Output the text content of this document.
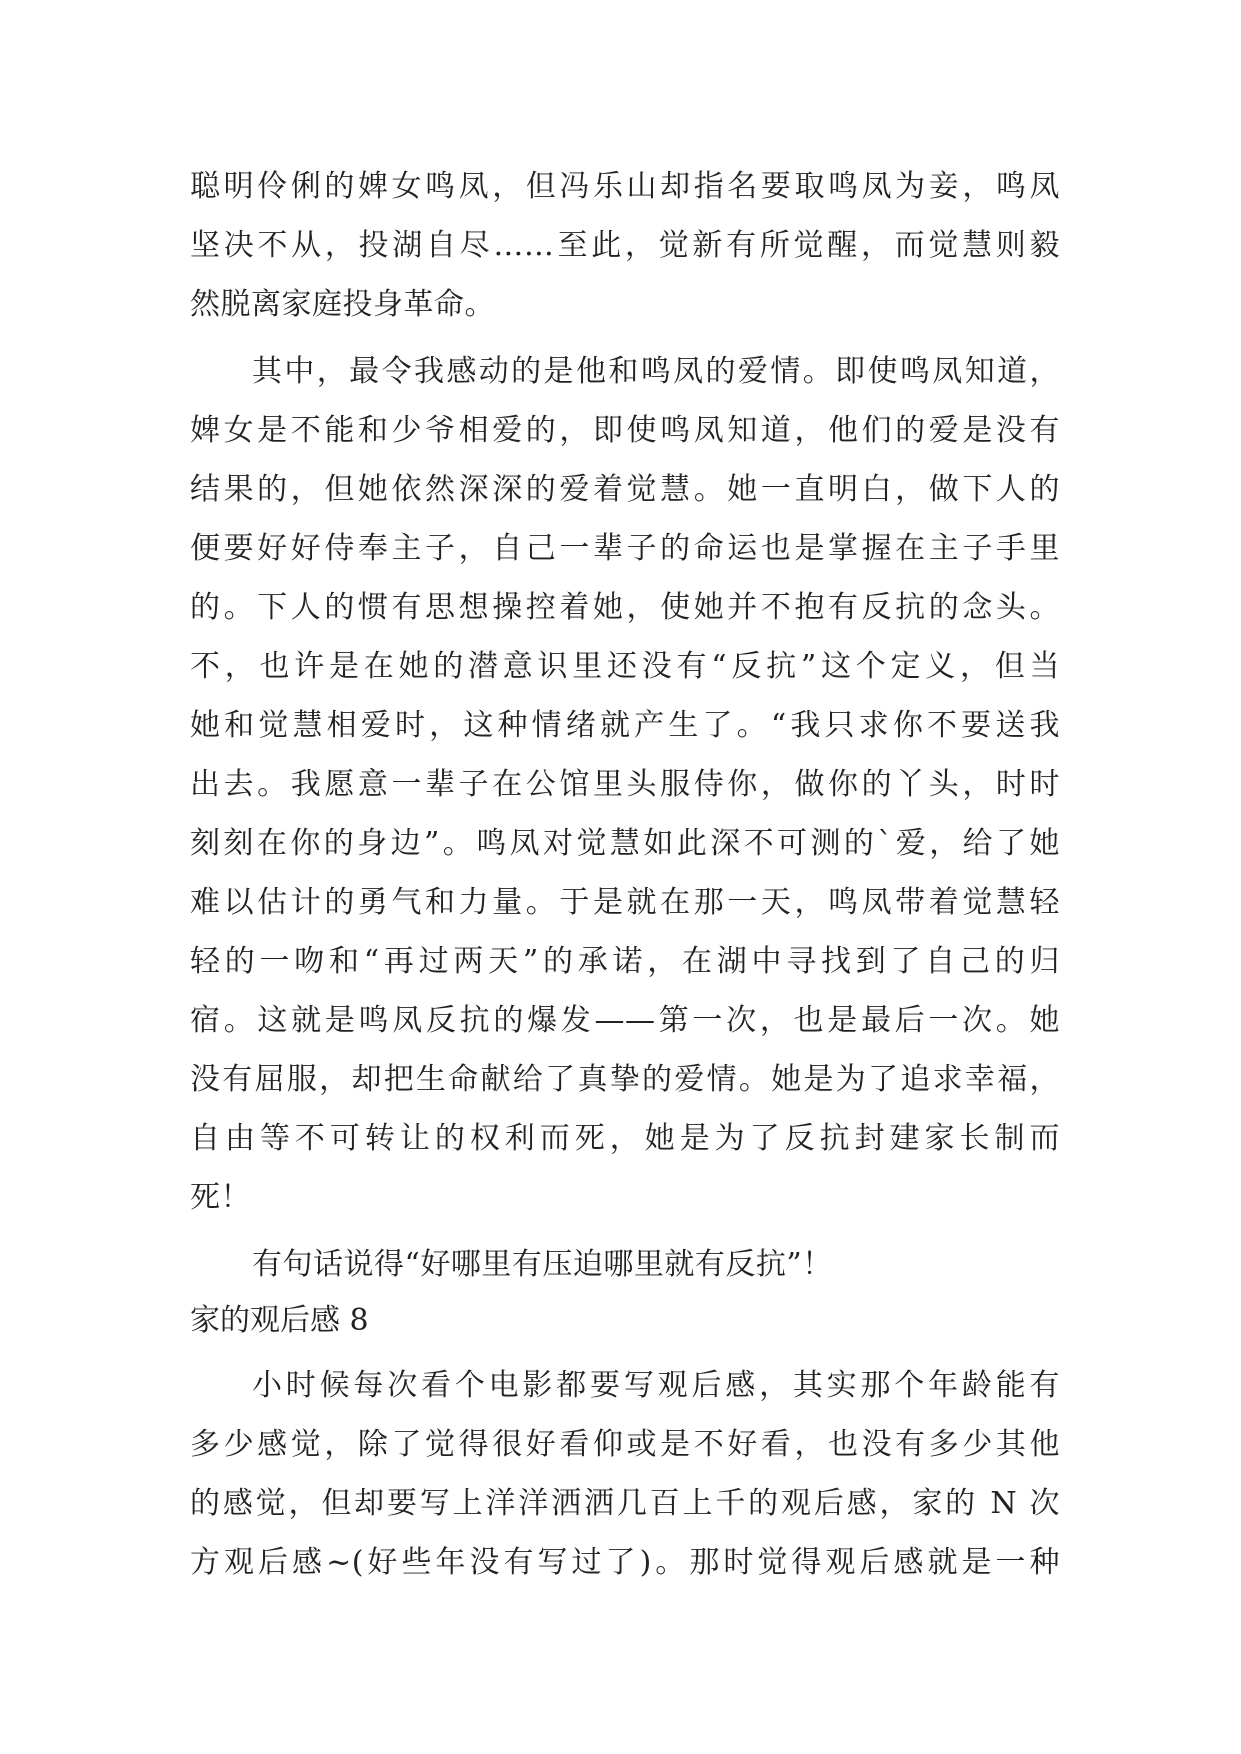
聪明伶俐的婢女鸣凤，但冯乐山却指名要取鸣凤为妾，鸣凤
坚决不从，投湖自尽……至此，觉新有所觉醒，而觉慧则毅
然脱离家庭投身革命。
其中，最令我感动的是他和鸣凤的爱情。即使鸣凤知道，
婢女是不能和少爷相爱的，即使鸣凤知道，他们的爱是没有
结果的，但她依然深深的爱着觉慧。她一直明白，做下人的
便要好好侍奉主子，自己一辈子的命运也是掌握在主子手里
的。下人的惯有思想操控着她，使她并不抱有反抗的念头。
不，也许是在她的潜意识里还没有“反抗”这个定义，但当
她和觉慧相爱时，这种情绪就产生了。“我只求你不要送我
出去。我愿意一辈子在公馆里头服侍你，做你的丫头，时时
刻刻在你的身边”。鸣凤对觉慧如此深不可测的`爱，给了她
难以估计的勇气和力量。于是就在那一天，鸣凤带着觉慧轻
轻的一吻和“再过两天”的承诺，在湖中寻找到了自己的归
宿。这就是鸣凤反抗的爆发——第一次，也是最后一次。她
没有屈服，却把生命献给了真挚的爱情。她是为了追求幸福，
自由等不可转让的权利而死，她是为了反抗封建家长制而
死！
有句话说得“好哪里有压迫哪里就有反抗”！
家的观后感 8
小时候每次看个电影都要写观后感，其实那个年龄能有
多少感觉，除了觉得很好看仰或是不好看，也没有多少其他
的感觉，但却要写上洋洋洒洒几百上千的观后感，家的 N 次
方观后感~(好些年没有写过了)。那时觉得观后感就是一种
